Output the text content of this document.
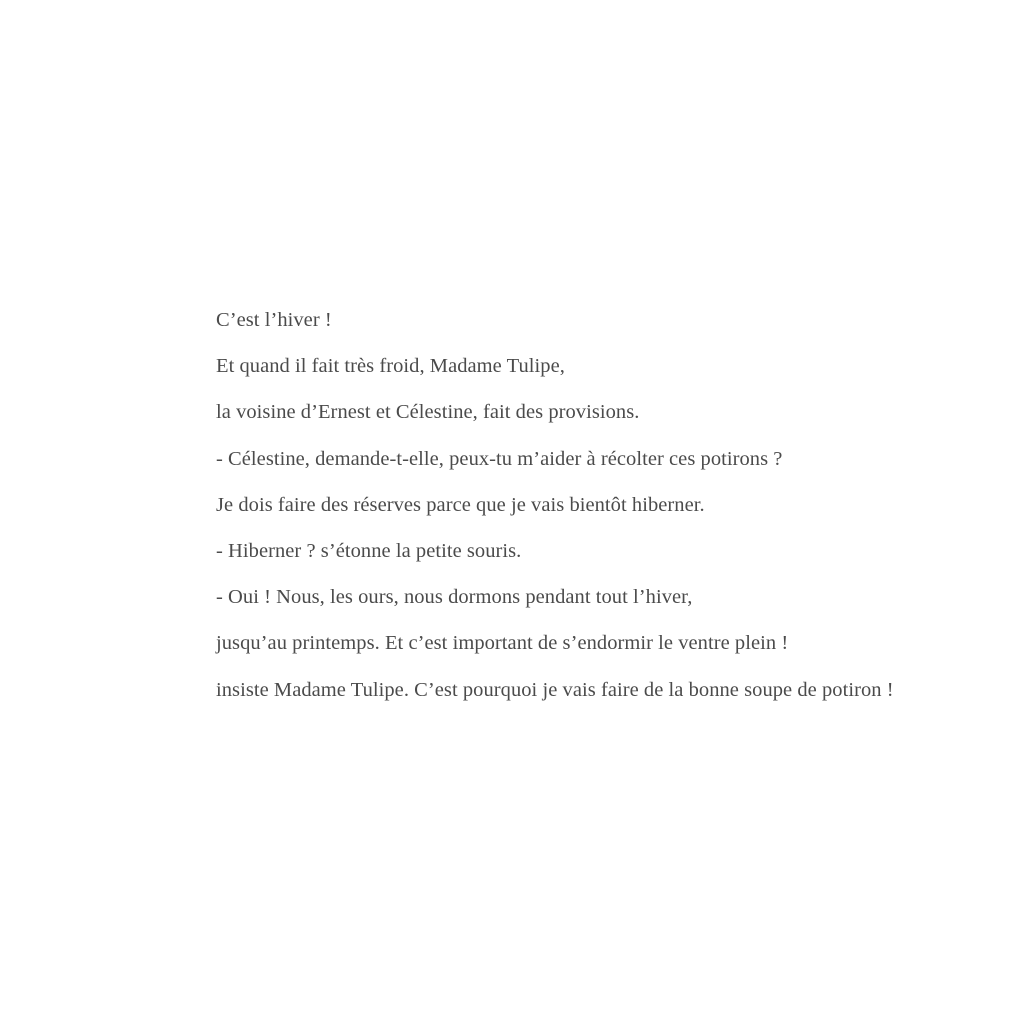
C’est l’hiver !
Et quand il fait très froid, Madame Tulipe,
la voisine d’Ernest et Célestine, fait des provisions.
- Célestine, demande-t-elle, peux-tu m’aider à récolter ces potirons ?
Je dois faire des réserves parce que je vais bientôt hiberner.
- Hiberner ? s’étonne la petite souris.
- Oui ! Nous, les ours, nous dormons pendant tout l’hiver,
jusqu’au printemps. Et c’est important de s’endormir le ventre plein !
insiste Madame Tulipe. C’est pourquoi je vais faire de la bonne soupe de potiron !
